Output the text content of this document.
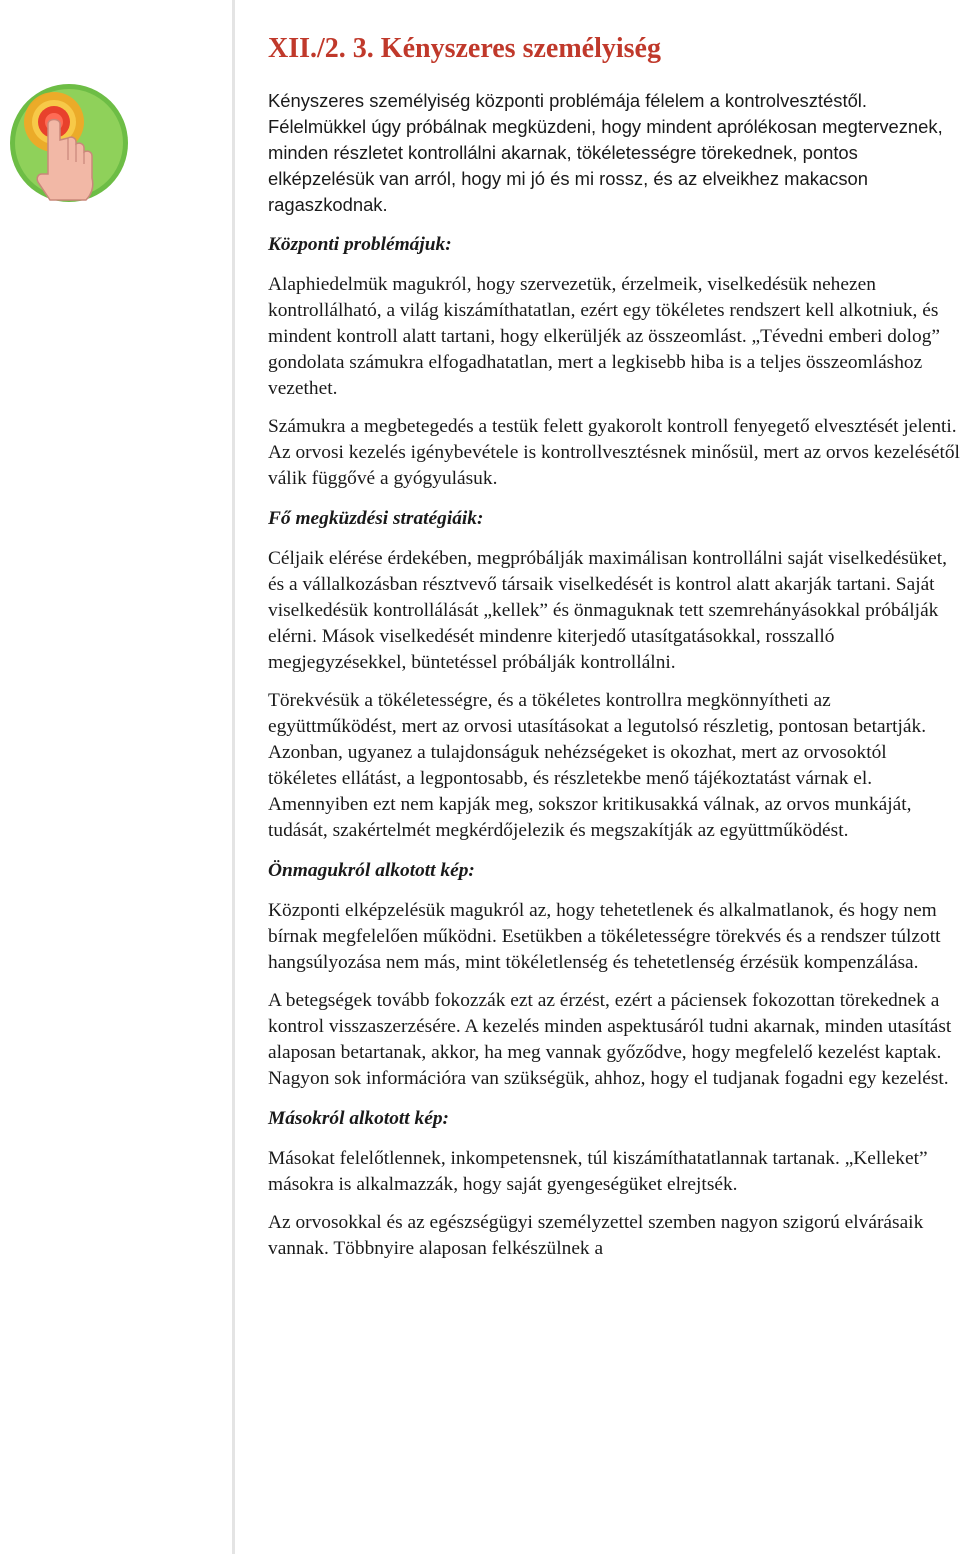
XII./2. 3. Kényszeres személyiség

Kényszeres személyiség központi problémája félelem a kontrolvesztéstől. Félelmükkel úgy próbálnak megküzdeni, hogy mindent aprólékosan megterveznek, minden részletet kontrollálni akarnak, tökéletességre törekednek, pontos elképzelésük van arról, hogy mi jó és mi rossz, és az elveikhez makacson ragaszkodnak.

Központi problémájuk:

Alaphiedelmük magukról, hogy szervezetük, érzelmeik, viselkedésük nehezen kontrollálható, a világ kiszámíthatatlan, ezért egy tökéletes rendszert kell alkotniuk, és mindent kontroll alatt tartani, hogy elkerüljék az összeomlást. „Tévedni emberi dolog” gondolata számukra elfogadhatatlan, mert a legkisebb hiba is a teljes összeomláshoz vezethet.

Számukra a megbetegedés a testük felett gyakorolt kontroll fenyegető elvesztését jelenti. Az orvosi kezelés igénybevétele is kontrollvesztésnek minősül, mert az orvos kezelésétől válik függővé a gyógyulásuk.

Fő megküzdési stratégiáik:

Céljaik elérése érdekében, megpróbálják maximálisan kontrollálni saját viselkedésüket, és a vállalkozásban résztvevő társaik viselkedését is kontrol alatt akarják tartani. Saját viselkedésük kontrollálását „kellek” és önmaguknak tett szemrehányásokkal próbálják elérni. Mások viselkedését mindenre kiterjedő utasítgatásokkal, rosszalló megjegyzésekkel, büntetéssel próbálják kontrollálni.

Törekvésük a tökéletességre, és a tökéletes kontrollra megkönnyítheti az együttműködést, mert az orvosi utasításokat a legutolsó részletig, pontosan betartják. Azonban, ugyanez a tulajdonságuk nehézségeket is okozhat, mert az orvosoktól tökéletes ellátást, a legpontosabb, és részletekbe menő tájékoztatást várnak el. Amennyiben ezt nem kapják meg, sokszor kritikusakká válnak, az orvos munkáját, tudását, szakértelmét megkérdőjelezik és megszakítják az együttműködést.

Önmagukról alkotott kép:

Központi elképzelésük magukról az, hogy tehetetlenek és alkalmatlanok, és hogy nem bírnak megfelelően működni. Esetükben a tökéletességre törekvés és a rendszer túlzott hangsúlyozása nem más, mint tökéletlenség és tehetetlenség érzésük kompenzálása.

A betegségek tovább fokozzák ezt az érzést, ezért a páciensek fokozottan törekednek a kontrol visszaszerzésére. A kezelés minden aspektusáról tudni akarnak, minden utasítást alaposan betartanak, akkor, ha meg vannak győződve, hogy megfelelő kezelést kaptak. Nagyon sok információra van szükségük, ahhoz, hogy el tudjanak fogadni egy kezelést.

Másokról alkotott kép:

Másokat felelőtlennek, inkompetensnek, túl kiszámíthatatlannak tartanak. „Kelleket” másokra is alkalmazzák, hogy saját gyengeségüket elrejtsék.

Az orvosokkal és az egészségügyi személyzettel szemben nagyon szigorú elvárásaik vannak. Többnyire alaposan felkészülnek a
